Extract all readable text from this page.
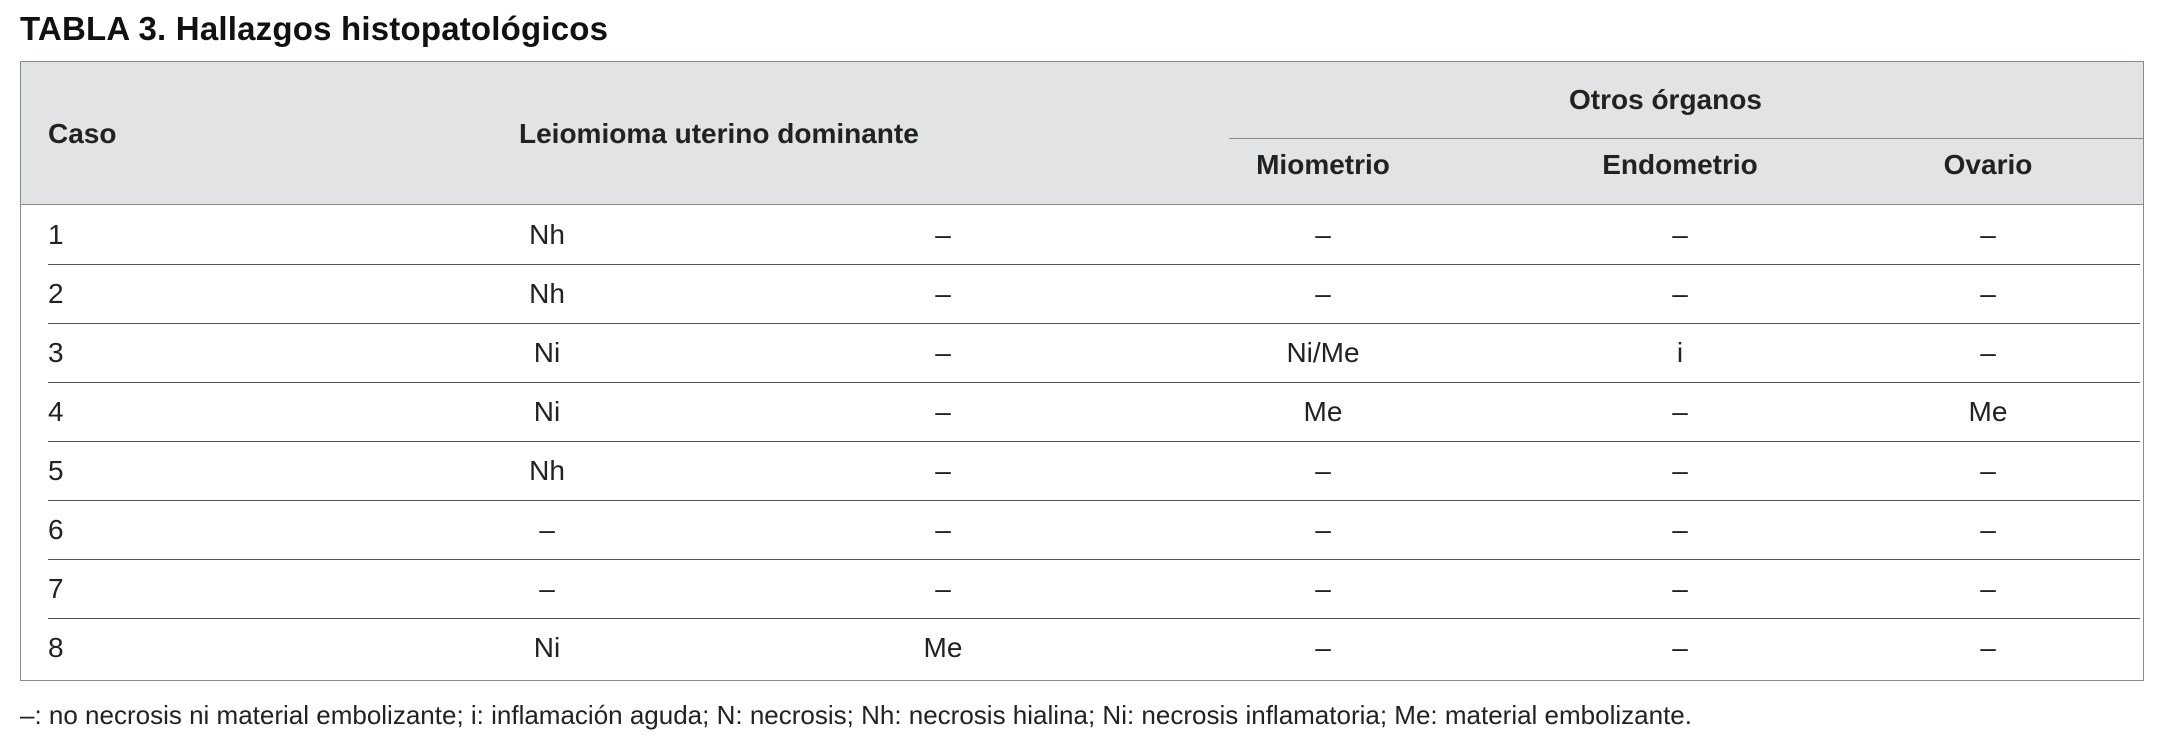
TABLA 3. Hallazgos histopatológicos
Caso	Leiomioma uterino dominante
Otros órganos
Miometrio	Endometrio	Ovario
1	Nh	–	–	–	–
2	Nh	–	–	–	–
3	Ni	–	Ni/Me	i	–
4	Ni	–	Me	–	Me
5	Nh	–	–	–	–
6	–	–	–	–	–
7	–	–	–	–	–
8	Ni	Me	–	–	–
–: no necrosis ni material embolizante; i: inflamación aguda; N: necrosis; Nh: necrosis hialina; Ni: necrosis inflamatoria; Me: material embolizante.
